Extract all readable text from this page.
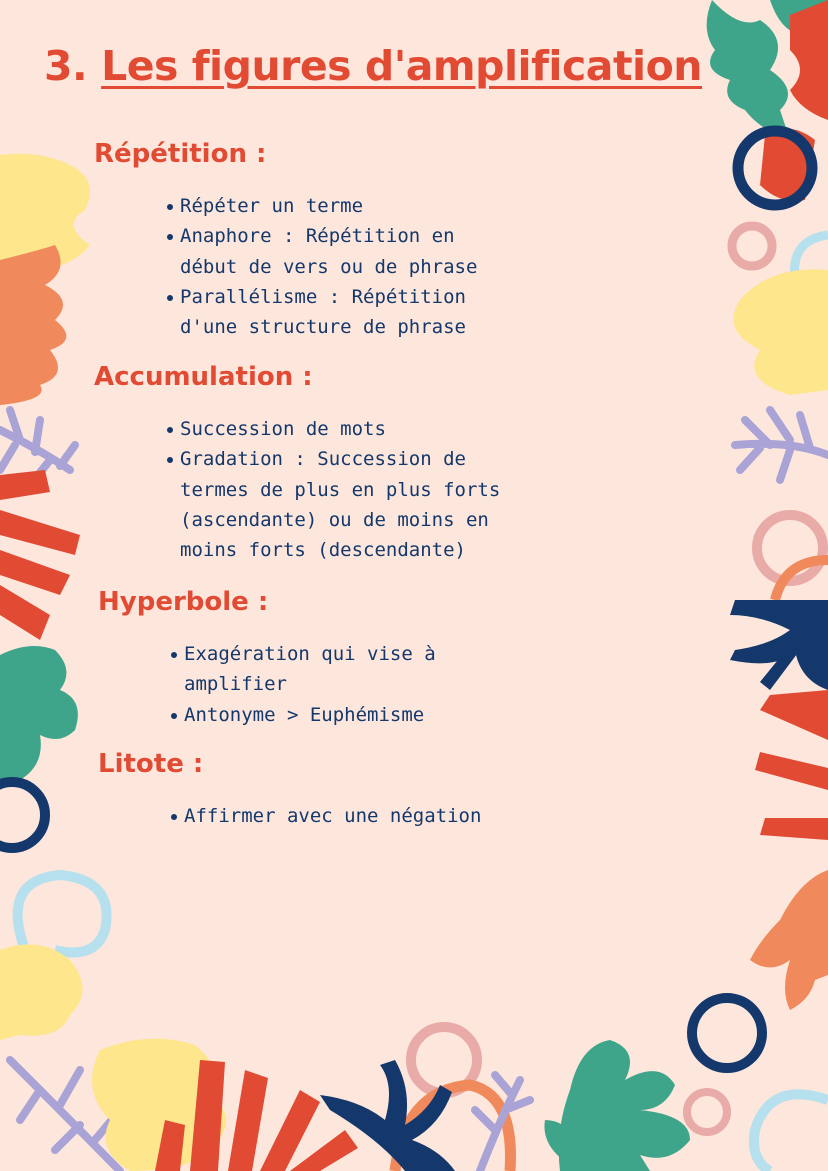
3. Les figures d'amplification
Répétition :
Répéter un terme
Anaphore : Répétition en
début de vers ou de phrase
Parallélisme : Répétition
d'une structure de phrase
Accumulation :
Succession de mots
Gradation : Succession de
termes de plus en plus forts
(ascendante) ou de moins en
moins forts (descendante)
Hyperbole :
Exagération qui vise à
amplifier
Antonyme > Euphémisme
Litote :
Affirmer avec une négation
